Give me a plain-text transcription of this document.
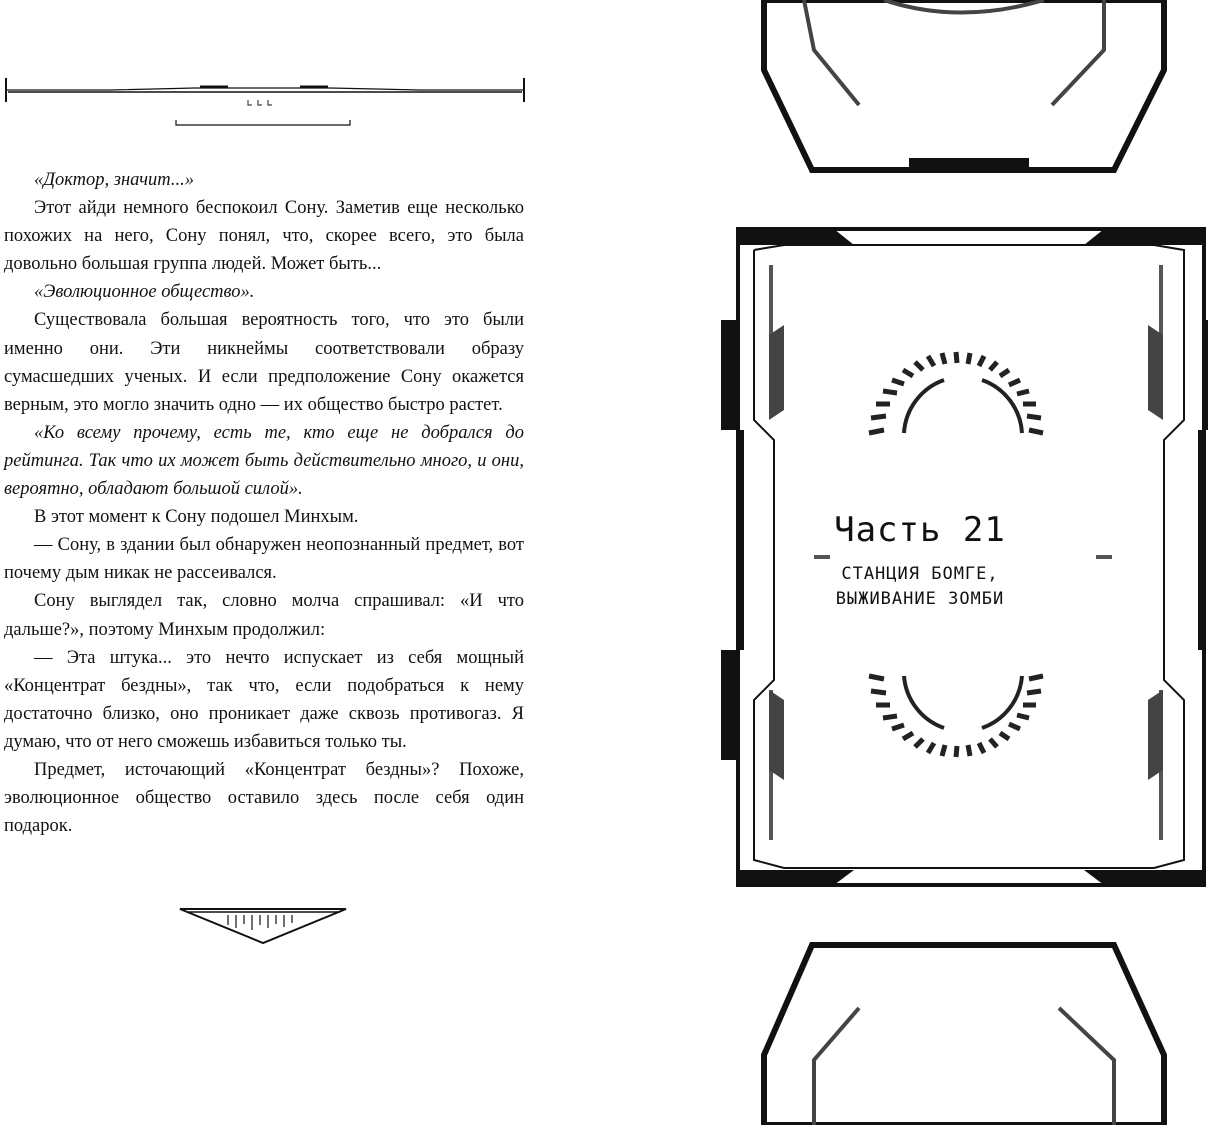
«Доктор, значит...»

Этот айди немного беспокоил Сону. Заметив еще несколько похожих на него, Сону понял, что, скорее всего, это была довольно большая группа людей. Может быть...

«Эволюционное общество».

Существовала большая вероятность того, что это были именно они. Эти никнеймы соответствовали образу сумасшедших ученых. И если предположение Сону окажется верным, это могло значить одно — их общество быстро растет.

«Ко всему прочему, есть те, кто еще не добрался до рейтинга. Так что их может быть действительно много, и они, вероятно, обладают большой силой».

В этот момент к Сону подошел Минхым.

— Сону, в здании был обнаружен неопознанный предмет, вот почему дым никак не рассеивался.

Сону выглядел так, словно молча спрашивал: «И что дальше?», поэтому Минхым продолжил:

— Эта штука... это нечто испускает из себя мощный «Концентрат бездны», так что, если подобраться к нему достаточно близко, оно проникает даже сквозь противогаз. Я думаю, что от него сможешь избавиться только ты.

Предмет, источающий «Концентрат бездны»? Похоже, эволюционное общество оставило здесь после себя один подарок.

Часть 21
СТАНЦИЯ БОМГЕ,
ВЫЖИВАНИЕ ЗОМБИ
